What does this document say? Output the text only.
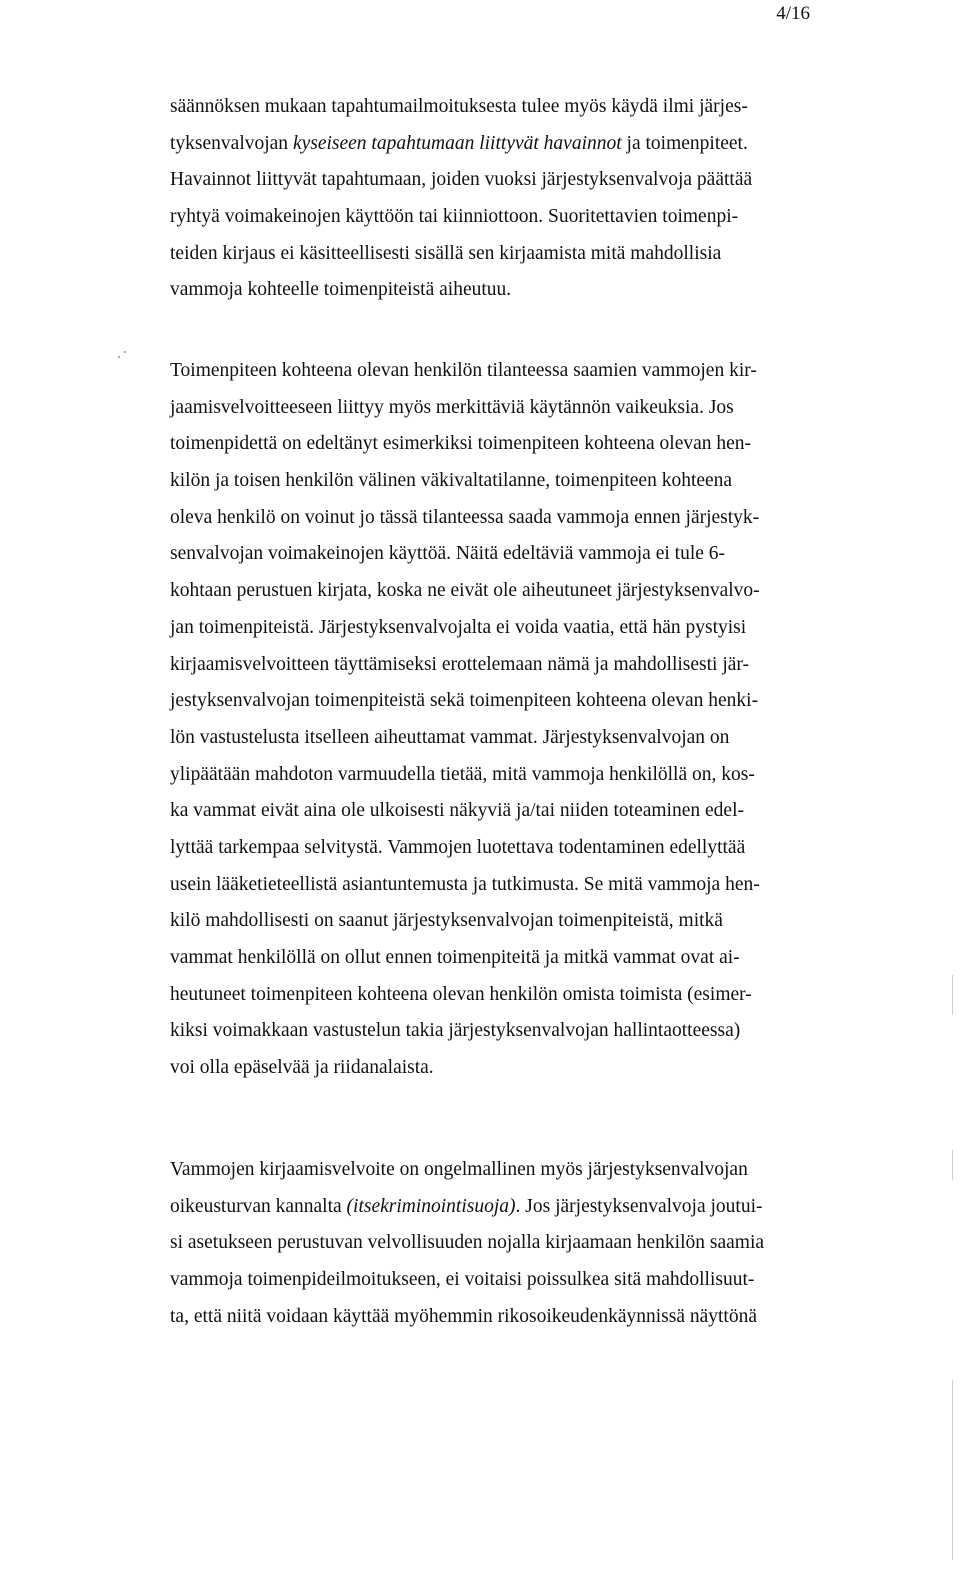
4/16
säännöksen mukaan tapahtumailmoituksesta tulee myös käydä ilmi järjes-
tyksenvalvojan kyseiseen tapahtumaan liittyvät havainnot ja toimenpiteet.
Havainnot liittyvät tapahtumaan, joiden vuoksi järjestyksenvalvoja päättää
ryhtyä voimakeinojen käyttöön tai kiinniottoon. Suoritettavien toimenpi-
teiden kirjaus ei käsitteellisesti sisällä sen kirjaamista mitä mahdollisia
vammoja kohteelle toimenpiteistä aiheutuu.
Toimenpiteen kohteena olevan henkilön tilanteessa saamien vammojen kir-
jaamisvelvoitteeseen liittyy myös merkittäviä käytännön vaikeuksia. Jos
toimenpidettä on edeltänyt esimerkiksi toimenpiteen kohteena olevan hen-
kilön ja toisen henkilön välinen väkivaltatilanne, toimenpiteen kohteena
oleva henkilö on voinut jo tässä tilanteessa saada vammoja ennen järjestyk-
senvalvojan voimakeinojen käyttöä. Näitä edeltäviä vammoja ei tule 6-
kohtaan perustuen kirjata, koska ne eivät ole aiheutuneet järjestyksenvalvo-
jan toimenpiteistä. Järjestyksenvalvojalta ei voida vaatia, että hän pystyisi
kirjaamisvelvoitteen täyttämiseksi erottelemaan nämä ja mahdollisesti jär-
jestyksenvalvojan toimenpiteistä sekä toimenpiteen kohteena olevan henki-
lön vastustelusta itselleen aiheuttamat vammat. Järjestyksenvalvojan on
ylipäätään mahdoton varmuudella tietää, mitä vammoja henkilöllä on, kos-
ka vammat eivät aina ole ulkoisesti näkyviä ja/tai niiden toteaminen edel-
lyttää tarkempaa selvitystä. Vammojen luotettava todentaminen edellyttää
usein lääketieteellistä asiantuntemusta ja tutkimusta. Se mitä vammoja hen-
kilö mahdollisesti on saanut järjestyksenvalvojan toimenpiteistä, mitkä
vammat henkilöllä on ollut ennen toimenpiteitä ja mitkä vammat ovat ai-
heutuneet toimenpiteen kohteena olevan henkilön omista toimista (esimer-
kiksi voimakkaan vastustelun takia järjestyksenvalvojan hallintaotteessa)
voi olla epäselvää ja riidanalaista.
Vammojen kirjaamisvelvoite on ongelmallinen myös järjestyksenvalvojan
oikeusturvan kannalta (itsekriminointisuoja). Jos järjestyksenvalvoja joutui-
si asetukseen perustuvan velvollisuuden nojalla kirjaamaan henkilön saamia
vammoja toimenpideilmoitukseen, ei voitaisi poissulkea sitä mahdollisuut-
ta, että niitä voidaan käyttää myöhemmin rikosoikeudenkäynnissä näyttönä
